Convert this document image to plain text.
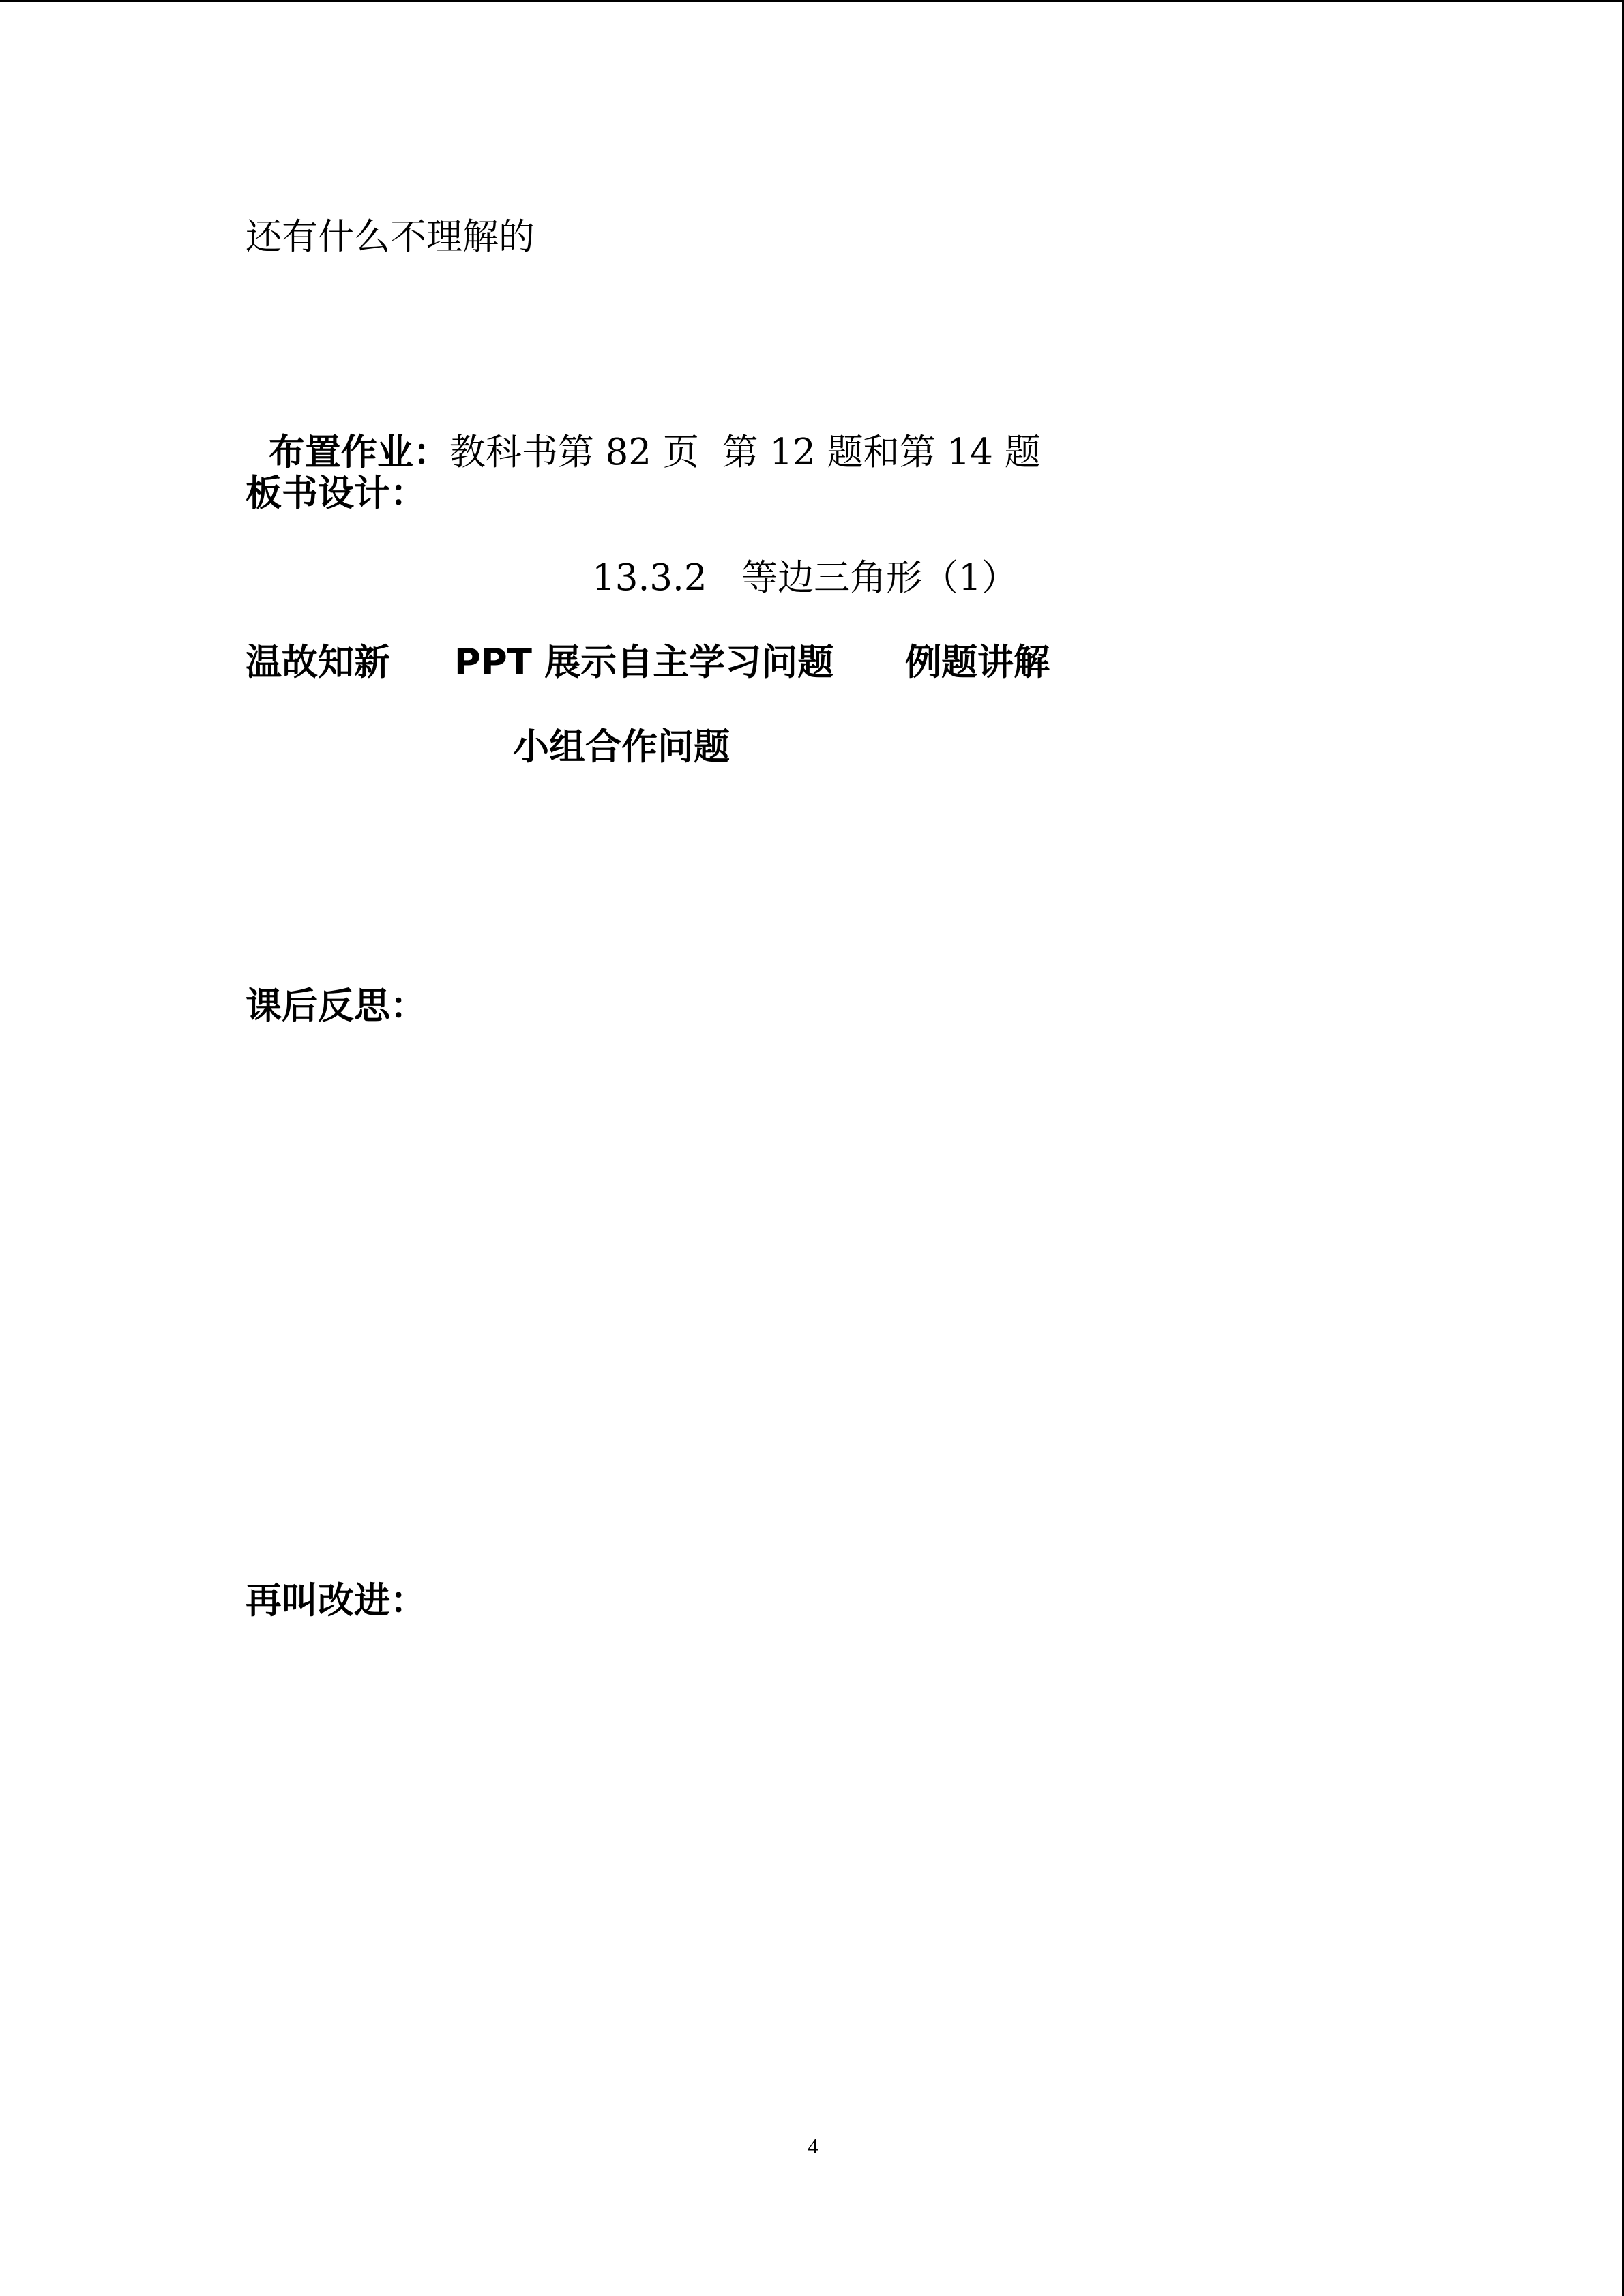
还有什么不理解的

布置作业：教科书第 82 页  第 12 题和第 14 题

板书设计：
13.3.2   等边三角形（1）
温故知新 PPT 展示自主学习问题 例题讲解
小组合作问题
课后反思：
再叫改进：
4
